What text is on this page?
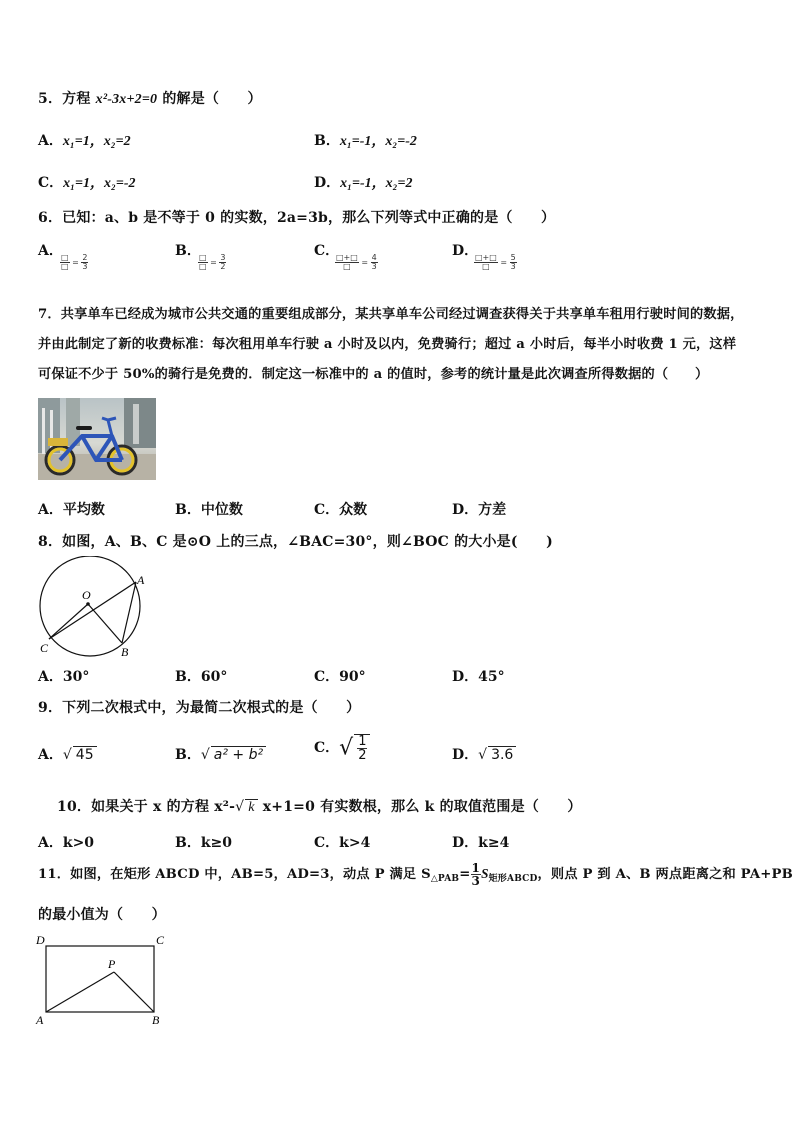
5．方程 x²-3x+2=0 的解是（　　）
A．x₁=1，x₂=2	B．x₁=-1，x₂=-2
C．x₁=1，x₂=-2	D．x₁=-1，x₂=2
6．已知：a、b 是不等于 0 的实数，2a=3b，那么下列等式中正确的是（　　）
A．
$\frac{□}{□} = \frac{2}{3}$
B．
$\frac{□}{□} = \frac{3}{2}$
C．
$\frac{□+□}{□} = \frac{4}{3}$
D．
$\frac{□+□}{□} = \frac{5}{3}$
7．共享单车已经成为城市公共交通的重要组成部分，某共享单车公司经过调查获得关于共享单车租用行驶时间的数据，
并由此制定了新的收费标准：每次租用单车行驶 a 小时及以内，免费骑行；超过 a 小时后，每半小时收费 1 元，这样
可保证不少于 50%的骑行是免费的．制定这一标准中的 a 的值时，参考的统计量是此次调查所得数据的（　　）
A．平均数	B．中位数	C．众数	D．方差
8．如图，A、B、C 是⊙O 上的三点，∠BAC=30°，则∠BOC 的大小是(　　)
O
A
B
C
A．30°	B．60°	C．90°	D．45°
9．下列二次根式中，为最简二次根式的是（　　）
A．√ 45	B．√ a² + b²	C．√ $\frac{1}{2}$	D．√ 3.6
10．如果关于 x 的方程 x²-√ k x+1=0 有实数根，那么 k 的取值范围是（　　）
A．k>0	B．k≥0	C．k>4	D．k≥4
11．如图，在矩形 ABCD 中，AB=5，AD=3，动点 P 满足 $S_{\triangle PAB}= \frac{1}{3} S_{矩形ABCD}$，则点 P 到 A、B 两点距离之和 PA+PB
的最小值为（　　）
D	C
A	B
P
